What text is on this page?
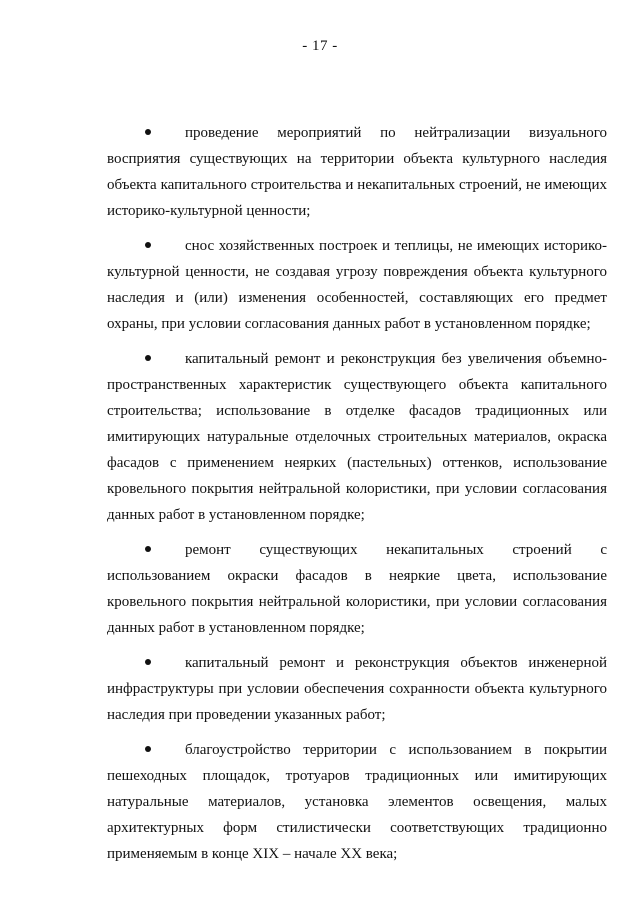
- 17 -

проведение мероприятий по нейтрализации визуального восприятия существующих на территории объекта культурного наследия объекта капитального строительства и некапитальных строений, не имеющих историко-культурной ценности;

снос хозяйственных построек и теплицы, не имеющих историко-культурной ценности, не создавая угрозу повреждения объекта культурного наследия и (или) изменения особенностей, составляющих его предмет охраны, при условии согласования данных работ в установленном порядке;

капитальный ремонт и реконструкция без увеличения объемно-пространственных характеристик существующего объекта капитального строительства; использование в отделке фасадов традиционных или имитирующих натуральные отделочных строительных материалов, окраска фасадов с применением неярких (пастельных) оттенков, использование кровельного покрытия нейтральной колористики, при условии согласования данных работ в установленном порядке;

ремонт существующих некапитальных строений с использованием окраски фасадов в неяркие цвета, использование кровельного покрытия нейтральной колористики, при условии согласования данных работ в установленном порядке;

капитальный ремонт и реконструкция объектов инженерной инфраструктуры при условии обеспечения сохранности объекта культурного наследия при проведении указанных работ;

благоустройство территории с использованием в покрытии пешеходных площадок, тротуаров традиционных или имитирующих натуральные материалов, установка элементов освещения, малых архитектурных форм стилистически соответствующих традиционно применяемым в конце XIX – начале XX века;
